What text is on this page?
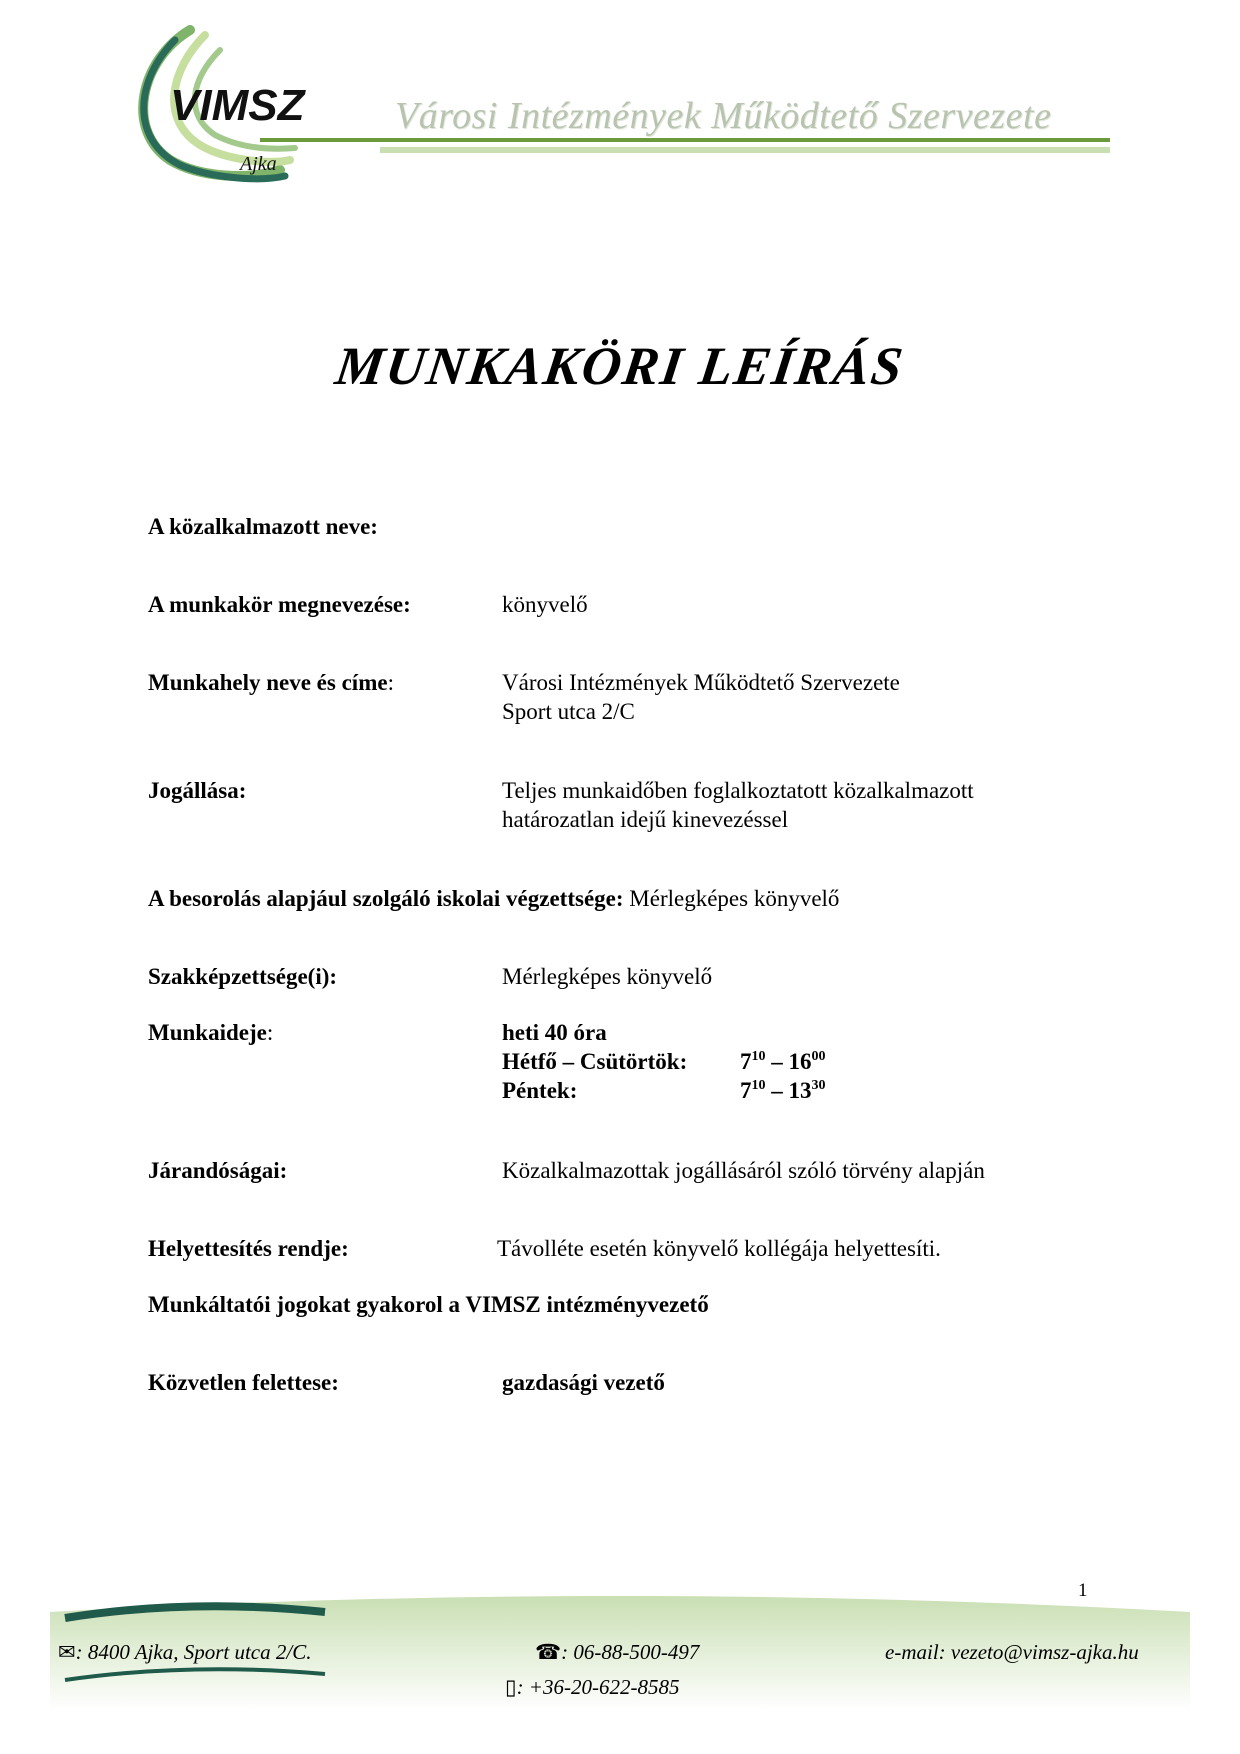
VIMSZ
Ajka
Városi Intézmények Működtető Szervezete
MUNKAKÖRI LEÍRÁS
A közalkalmazott neve:
A munkakör megnevezése:	könyvelő
Munkahely neve és címe:	Városi Intézmények Működtető Szervezete
Sport utca 2/C
Jogállása:	Teljes munkaidőben foglalkoztatott közalkalmazott
határozatlan idejű kinevezéssel
A besorolás alapjául szolgáló iskolai végzettsége: Mérlegképes könyvelő
Szakképzettsége(i):	Mérlegképes könyvelő
Munkaideje:	heti 40 óra
Hétfő – Csütörtök: $7^{10} - 16^{00}$
Péntek:	$7^{10} - 13^{30}$
Járandóságai:	Közalkalmazottak jogállásáról szóló törvény alapján
Helyettesítés rendje:	Távolléte esetén könyvelő kollégája helyettesíti.
Munkáltatói jogokat gyakorol a VIMSZ intézményvezető
Közvetlen felettese:	gazdasági vezető
1
✉: 8400 Ajka, Sport utca 2/C.	☎: 06-88-500-497
▯: +36-20-622-8585
e-mail: vezeto@vimsz-ajka.hu
